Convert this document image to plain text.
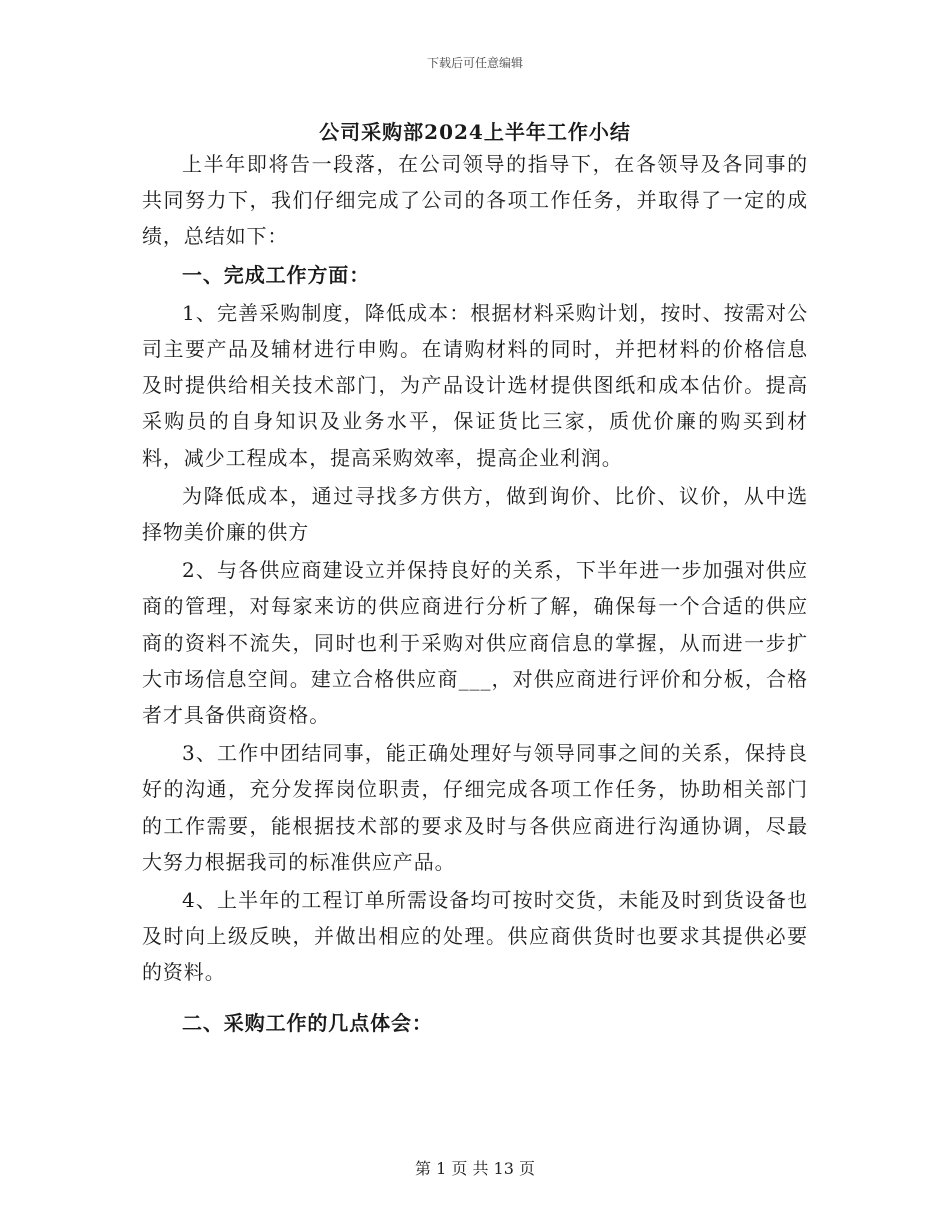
下载后可任意编辑
公司采购部2024上半年工作小结

上半年即将告一段落，在公司领导的指导下，在各领导及各同事的共同努力下，我们仔细完成了公司的各项工作任务，并取得了一定的成绩，总结如下：

一、完成工作方面：

1、完善采购制度，降低成本：根据材料采购计划，按时、按需对公司主要产品及辅材进行申购。在请购材料的同时，并把材料的价格信息及时提供给相关技术部门，为产品设计选材提供图纸和成本估价。提高采购员的自身知识及业务水平，保证货比三家，质优价廉的购买到材料，减少工程成本，提高采购效率，提高企业利润。

为降低成本，通过寻找多方供方，做到询价、比价、议价，从中选择物美价廉的供方

2、与各供应商建设立并保持良好的关系，下半年进一步加强对供应商的管理，对每家来访的供应商进行分析了解，确保每一个合适的供应商的资料不流失，同时也利于采购对供应商信息的掌握，从而进一步扩大市场信息空间。建立合格供应商___，对供应商进行评价和分板，合格者才具备供商资格。

3、工作中团结同事，能正确处理好与领导同事之间的关系，保持良好的沟通，充分发挥岗位职责，仔细完成各项工作任务，协助相关部门的工作需要，能根据技术部的要求及时与各供应商进行沟通协调，尽最大努力根据我司的标准供应产品。

4、上半年的工程订单所需设备均可按时交货，未能及时到货设备也及时向上级反映，并做出相应的处理。供应商供货时也要求其提供必要的资料。

二、采购工作的几点体会：

第 1 页 共 13 页
